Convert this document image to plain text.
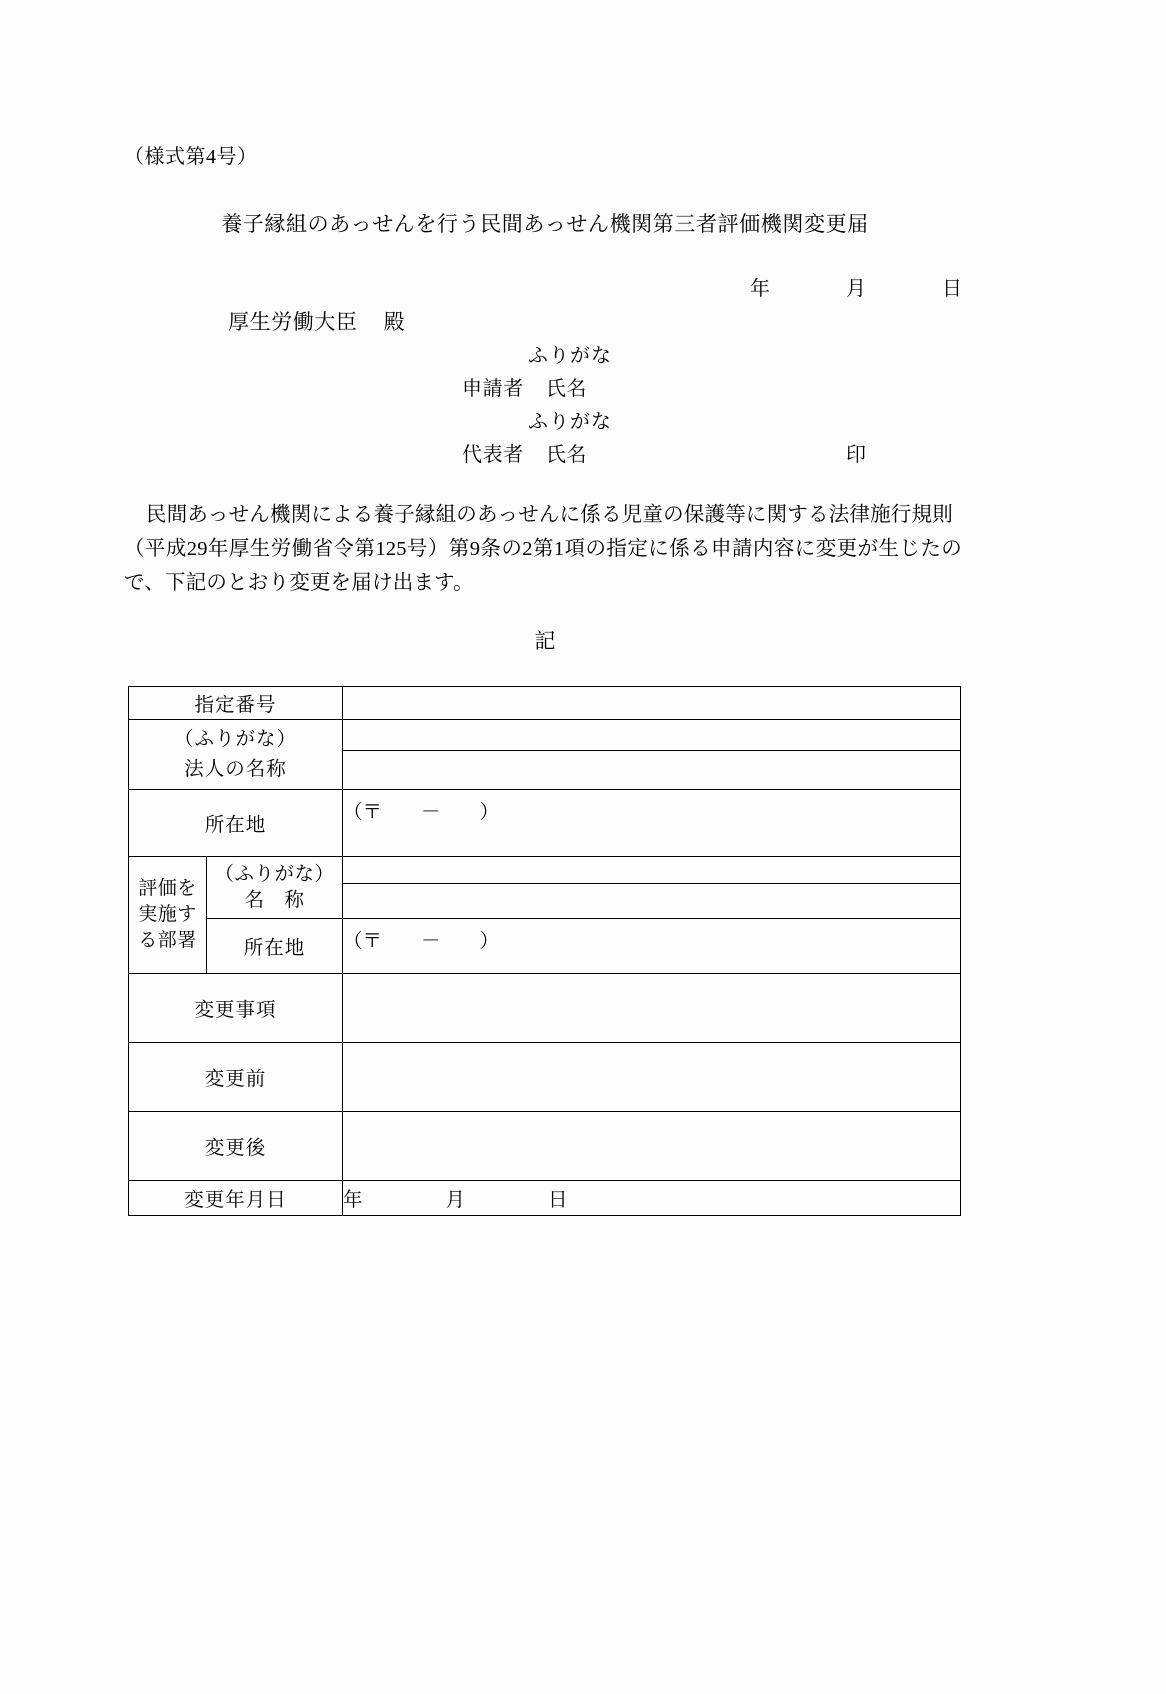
（様式第4号）
養子縁組のあっせんを行う民間あっせん機関第三者評価機関変更届
年	月	日
厚生労働大臣 殿
ふりがな
申請者 氏名
ふりがな
代表者 氏名	印

民間あっせん機関による養子縁組のあっせんに係る児童の保護等に関する法律施行規則

（平成29年厚生労働省令第125号）第9条の2第1項の指定に係る申請内容に変更が生じたので、下記のとおり変更を届け出ます。

記
指定番号		

（ふりがな）
法人の名称		

所在地		（〒        －        ）

評価を
実施す
る部署

（ふりがな）
名　称

	所在地	（〒        －        ）
変更事項		
変更前		
変更後		
変更年月日		年　　　　月　　　　日
